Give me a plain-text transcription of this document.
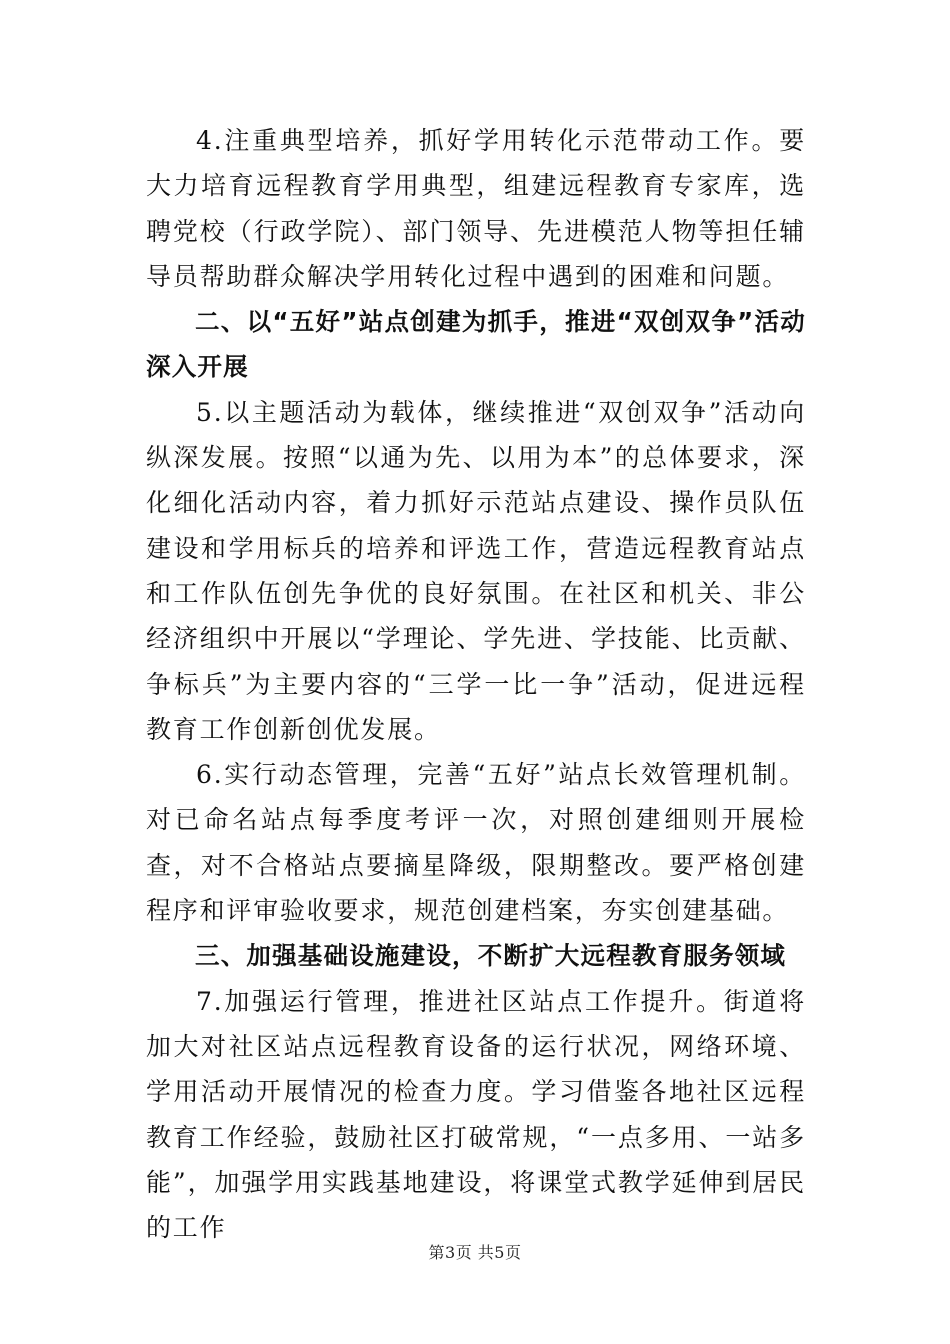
4.注重典型培养，抓好学用转化示范带动工作。要大力培育远程教育学用典型，组建远程教育专家库，选聘党校（行政学院）、部门领导、先进模范人物等担任辅导员帮助群众解决学用转化过程中遇到的困难和问题。

二、以“五好”站点创建为抓手，推进“双创双争”活动深入开展

5.以主题活动为载体，继续推进“双创双争”活动向纵深发展。按照“以通为先、以用为本”的总体要求，深化细化活动内容，着力抓好示范站点建设、操作员队伍建设和学用标兵的培养和评选工作，营造远程教育站点和工作队伍创先争优的良好氛围。在社区和机关、非公经济组织中开展以“学理论、学先进、学技能、比贡献、争标兵”为主要内容的“三学一比一争”活动，促进远程教育工作创新创优发展。

6.实行动态管理，完善“五好”站点长效管理机制。对已命名站点每季度考评一次，对照创建细则开展检查，对不合格站点要摘星降级，限期整改。要严格创建程序和评审验收要求，规范创建档案，夯实创建基础。

三、加强基础设施建设，不断扩大远程教育服务领域

7.加强运行管理，推进社区站点工作提升。街道将加大对社区站点远程教育设备的运行状况，网络环境、学用活动开展情况的检查力度。学习借鉴各地社区远程教育工作经验，鼓励社区打破常规，“一点多用、一站多能”，加强学用实践基地建设，将课堂式教学延伸到居民的工作

第3页 共5页
